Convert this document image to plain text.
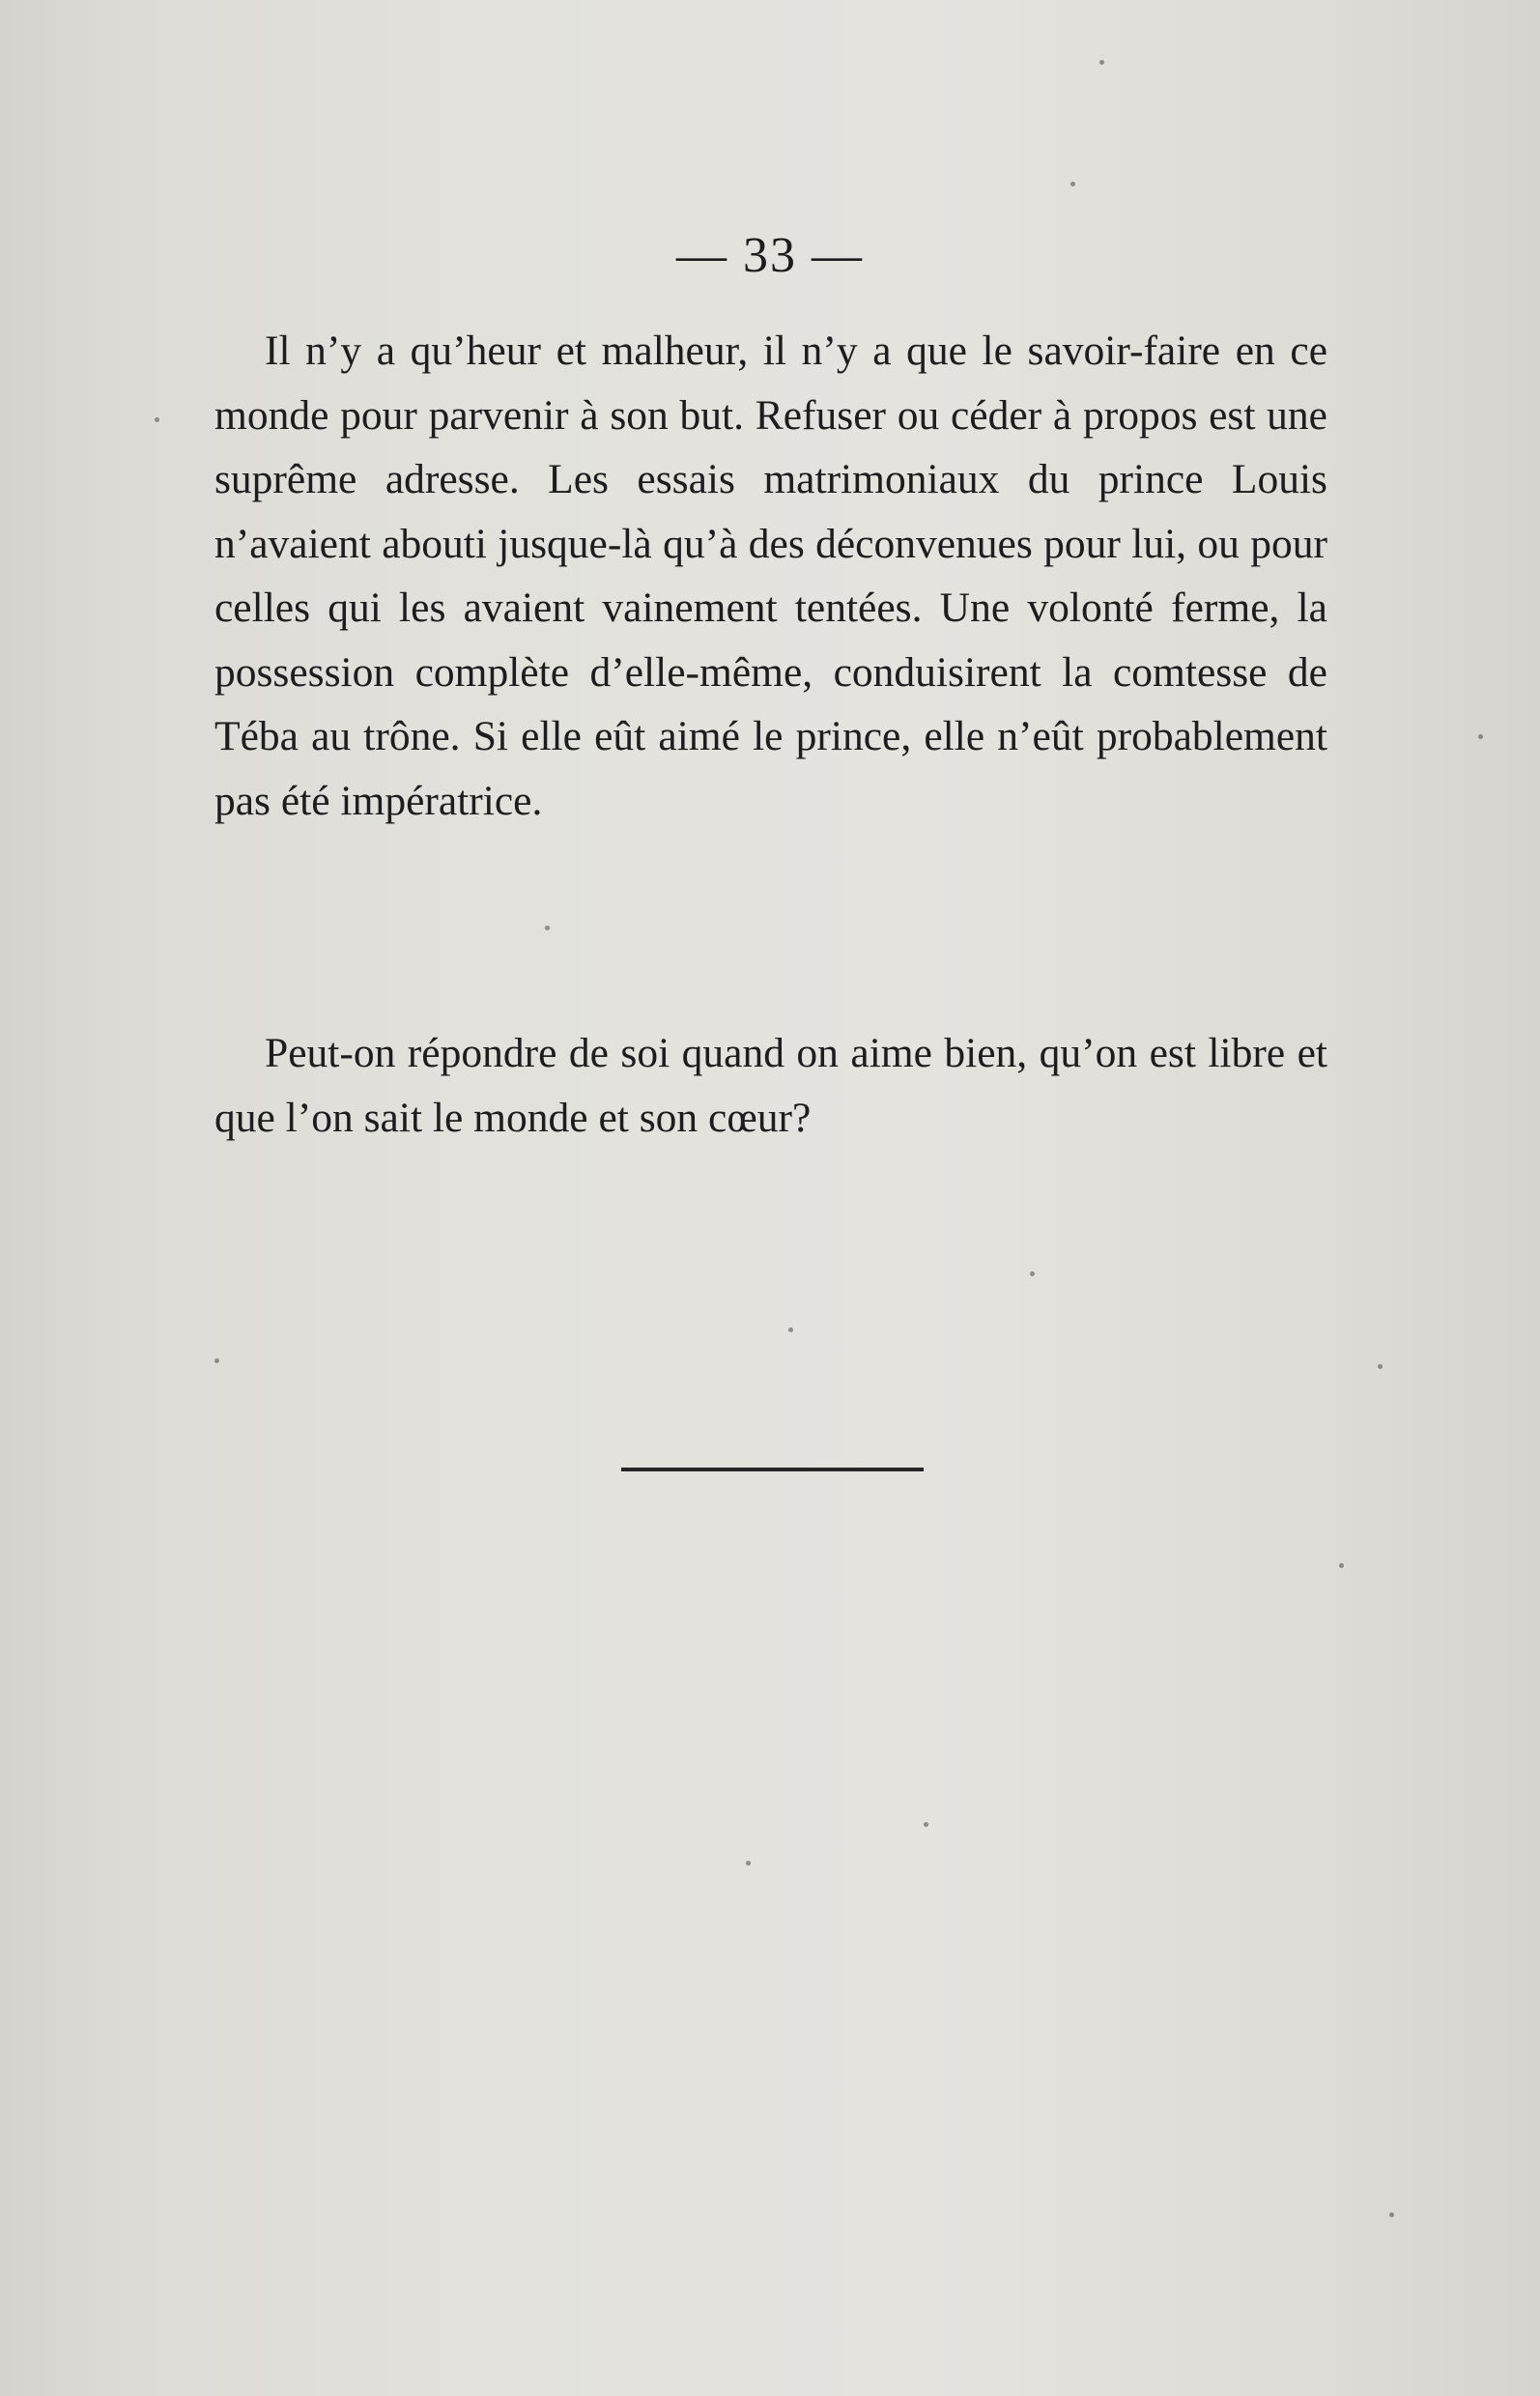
— 33 —

Il n’y a qu’heur et malheur, il n’y a que le savoir-faire en ce monde pour parvenir à son but. Refuser ou céder à propos est une suprême adresse. Les essais matrimoniaux du prince Louis n’avaient abouti jusque-là qu’à des déconvenues pour lui, ou pour celles qui les avaient vainement tentées. Une volonté ferme, la possession complète d’elle-même, conduisirent la comtesse de Téba au trône. Si elle eût aimé le prince, elle n’eût probablement pas été impératrice.

Peut-on répondre de soi quand on aime bien, qu’on est libre et que l’on sait le monde et son cœur?
